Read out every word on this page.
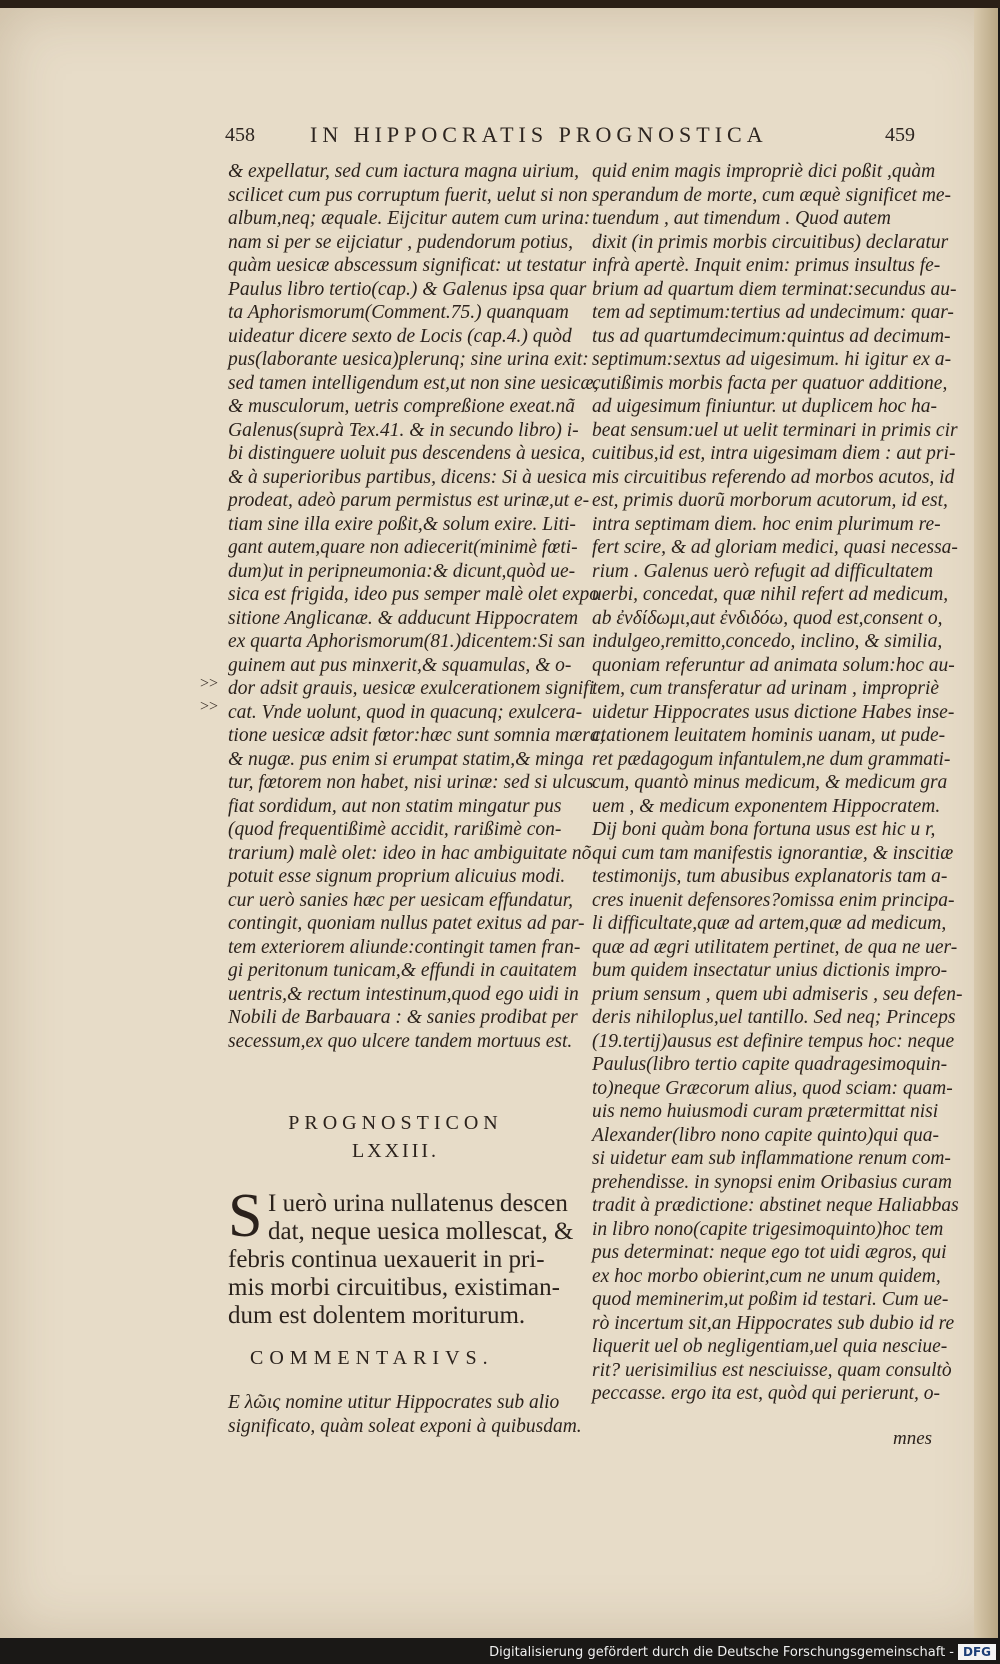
458	IN HIPPOCRATIS PROGNOSTICA	459
& expellatur, sed cum iactura magna uirium,
scilicet cum pus corruptum fuerit, uelut si non
album,neq; æquale. Eijcitur autem cum urina:
nam si per se eijciatur , pudendorum potius,
quàm uesicæ abscessum significat: ut testatur
Paulus libro tertio(cap.) & Galenus ipsa quar
ta Aphorismorum(Comment.75.) quanquam
uideatur dicere sexto de Locis (cap.4.) quòd
pus(laborante uesica)plerunq; sine urina exit:
sed tamen intelligendum est,ut non sine uesicæ,
& musculorum, uetris compreßione exeat.nã
Galenus(suprà Tex.41. & in secundo libro) i-
bi distinguere uoluit pus descendens à uesica,
& à superioribus partibus, dicens: Si à uesica
prodeat, adeò parum permistus est urinæ,ut e-
tiam sine illa exire poßit,& solum exire. Liti-
gant autem,quare non adiecerit(minimè fœti-
dum)ut in peripneumonia:& dicunt,quòd ue-
sica est frigida, ideo pus semper malè olet expo
sitione Anglicanæ. & adducunt Hippocratem
ex quarta Aphorismorum(81.)dicentem:Si san
guinem aut pus minxerit,& squamulas, & o-
dor adsit grauis, uesicæ exulcerationem signifi
cat. Vnde uolunt, quod in quacunq; exulcera-
tione uesicæ adsit fœtor:hæc sunt somnia mæra,
& nugæ. pus enim si erumpat statim,& minga
tur, fœtorem non habet, nisi urinæ: sed si ulcus
fiat sordidum, aut non statim mingatur pus
(quod frequentißimè accidit, rarißimè con-
trarium) malè olet: ideo in hac ambiguitate nõ
potuit esse signum proprium alicuius modi.
cur uerò sanies hæc per uesicam effundatur,
contingit, quoniam nullus patet exitus ad par-
tem exteriorem aliunde:contingit tamen fran-
gi peritonum tunicam,& effundi in cauitatem
uentris,& rectum intestinum,quod ego uidi in
Nobili de Barbauara : & sanies prodibat per
secessum,ex quo ulcere tandem mortuus est.
>>
>>
PROGNOSTICON
LXXIII.
S I uerò urina nullatenus descen
dat, neque uesica mollescat, &
febris continua uexauerit in pri-
mis morbi circuitibus, existiman-
dum est dolentem moriturum.
COMMENTARIVS.
E λῶις nomine utitur Hippocrates sub alio
significato, quàm soleat exponi à quibusdam.
quid enim magis impropriè dici poßit ,quàm
sperandum de morte, cum æquè significet me-
tuendum , aut timendum . Quod autem
dixit (in primis morbis circuitibus) declaratur
infrà apertè. Inquit enim: primus insultus fe-
brium ad quartum diem terminat:secundus au-
tem ad septimum:tertius ad undecimum: quar-
tus ad quartumdecimum:quintus ad decimum-
septimum:sextus ad uigesimum. hi igitur ex a-
cutißimis morbis facta per quatuor additione,
ad uigesimum finiuntur. ut duplicem hoc ha-
beat sensum:uel ut uelit terminari in primis cir
cuitibus,id est, intra uigesimam diem : aut pri-
mis circuitibus referendo ad morbos acutos, id
est, primis duorũ morborum acutorum, id est,
intra septimam diem. hoc enim plurimum re-
fert scire, & ad gloriam medici, quasi necessa-
rium . Galenus uerò refugit ad difficultatem
uerbi, concedat, quæ nihil refert ad medicum,
ab ἐνδίδωμι,aut ἐνδιδόω, quod est,consent o,
indulgeo,remitto,concedo, inclino, & similia,
quoniam referuntur ad animata solum:hoc au-
tem, cum transferatur ad urinam , impropriè
uidetur Hippocrates usus dictione Habes inse-
ctationem leuitatem hominis uanam, ut pude-
ret pædagogum infantulem,ne dum grammati-
cum, quantò minus medicum, & medicum gra
uem , & medicum exponentem Hippocratem.
Dij boni quàm bona fortuna usus est hic u r,
qui cum tam manifestis ignorantiæ, & inscitiæ
testimonijs, tum abusibus explanatoris tam a-
cres inuenit defensores?omissa enim principa-
li difficultate,quæ ad artem,quæ ad medicum,
quæ ad ægri utilitatem pertinet, de qua ne uer-
bum quidem insectatur unius dictionis impro-
prium sensum , quem ubi admiseris , seu defen-
deris nihiloplus,uel tantillo. Sed neq; Princeps
(19.tertij)ausus est definire tempus hoc: neque
Paulus(libro tertio capite quadragesimoquin-
to)neque Græcorum alius, quod sciam: quam-
uis nemo huiusmodi curam prætermittat nisi
Alexander(libro nono capite quinto)qui qua-
si uidetur eam sub inflammatione renum com-
prehendisse. in synopsi enim Oribasius curam
tradit à prædictione: abstinet neque Haliabbas
in libro nono(capite trigesimoquinto)hoc tem
pus determinat: neque ego tot uidi ægros, qui
ex hoc morbo obierint,cum ne unum quidem,
quod meminerim,ut poßim id testari. Cum ue-
rò incertum sit,an Hippocrates sub dubio id re
liquerit uel ob negligentiam,uel quia nesciue-
rit? uerisimilius est nesciuisse, quam consultò
peccasse. ergo ita est, quòd qui perierunt, o-
mnes
Digitalisierung gefördert durch die Deutsche Forschungsgemeinschaft - DFG
